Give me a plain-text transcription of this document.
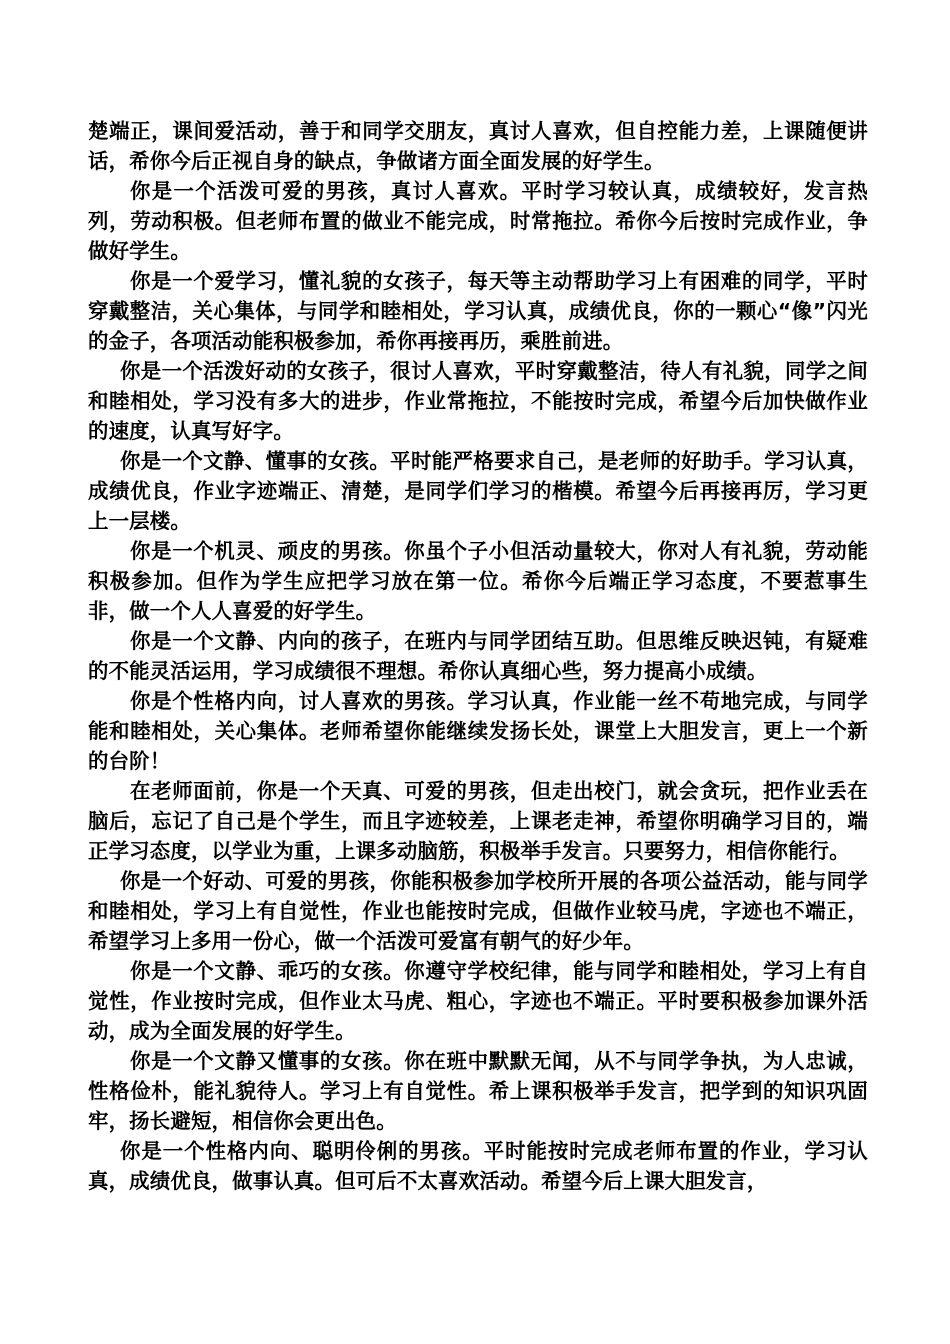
楚端正，课间爱活动，善于和同学交朋友，真讨人喜欢，但自控能力差，上课随便讲话，希你今后正视自身的缺点，争做诸方面全面发展的好学生。

你是一个活泼可爱的男孩，真讨人喜欢。平时学习较认真，成绩较好，发言热列，劳动积极。但老师布置的做业不能完成，时常拖拉。希你今后按时完成作业，争做好学生。

你是一个爱学习，懂礼貌的女孩子，每天等主动帮助学习上有困难的同学，平时穿戴整洁，关心集体，与同学和睦相处，学习认真，成绩优良，你的一颗心“像”闪光的金子，各项活动能积极参加，希你再接再历，乘胜前进。

你是一个活泼好动的女孩子，很讨人喜欢，平时穿戴整洁，待人有礼貌，同学之间和睦相处，学习没有多大的进步，作业常拖拉，不能按时完成，希望今后加快做作业的速度，认真写好字。

你是一个文静、懂事的女孩。平时能严格要求自己，是老师的好助手。学习认真，成绩优良，作业字迹端正、清楚，是同学们学习的楷模。希望今后再接再厉，学习更上一层楼。

你是一个机灵、顽皮的男孩。你虽个子小但活动量较大，你对人有礼貌，劳动能积极参加。但作为学生应把学习放在第一位。希你今后端正学习态度，不要惹事生非，做一个人人喜爱的好学生。

你是一个文静、内向的孩子，在班内与同学团结互助。但思维反映迟钝，有疑难的不能灵活运用，学习成绩很不理想。希你认真细心些，努力提高小成绩。

你是个性格内向，讨人喜欢的男孩。学习认真，作业能一丝不苟地完成，与同学能和睦相处，关心集体。老师希望你能继续发扬长处，课堂上大胆发言，更上一个新的台阶！

在老师面前，你是一个天真、可爱的男孩，但走出校门，就会贪玩，把作业丢在脑后，忘记了自己是个学生，而且字迹较差，上课老走神，希望你明确学习目的，端正学习态度，以学业为重，上课多动脑筋，积极举手发言。只要努力，相信你能行。

你是一个好动、可爱的男孩，你能积极参加学校所开展的各项公益活动，能与同学和睦相处，学习上有自觉性，作业也能按时完成，但做作业较马虎，字迹也不端正，希望学习上多用一份心，做一个活泼可爱富有朝气的好少年。

你是一个文静、乖巧的女孩。你遵守学校纪律，能与同学和睦相处，学习上有自觉性，作业按时完成，但作业太马虎、粗心，字迹也不端正。平时要积极参加课外活动，成为全面发展的好学生。

你是一个文静又懂事的女孩。你在班中默默无闻，从不与同学争执，为人忠诚，性格俭朴，能礼貌待人。学习上有自觉性。希上课积极举手发言，把学到的知识巩固牢，扬长避短，相信你会更出色。

你是一个性格内向、聪明伶俐的男孩。平时能按时完成老师布置的作业，学习认真，成绩优良，做事认真。但可后不太喜欢活动。希望今后上课大胆发言，
